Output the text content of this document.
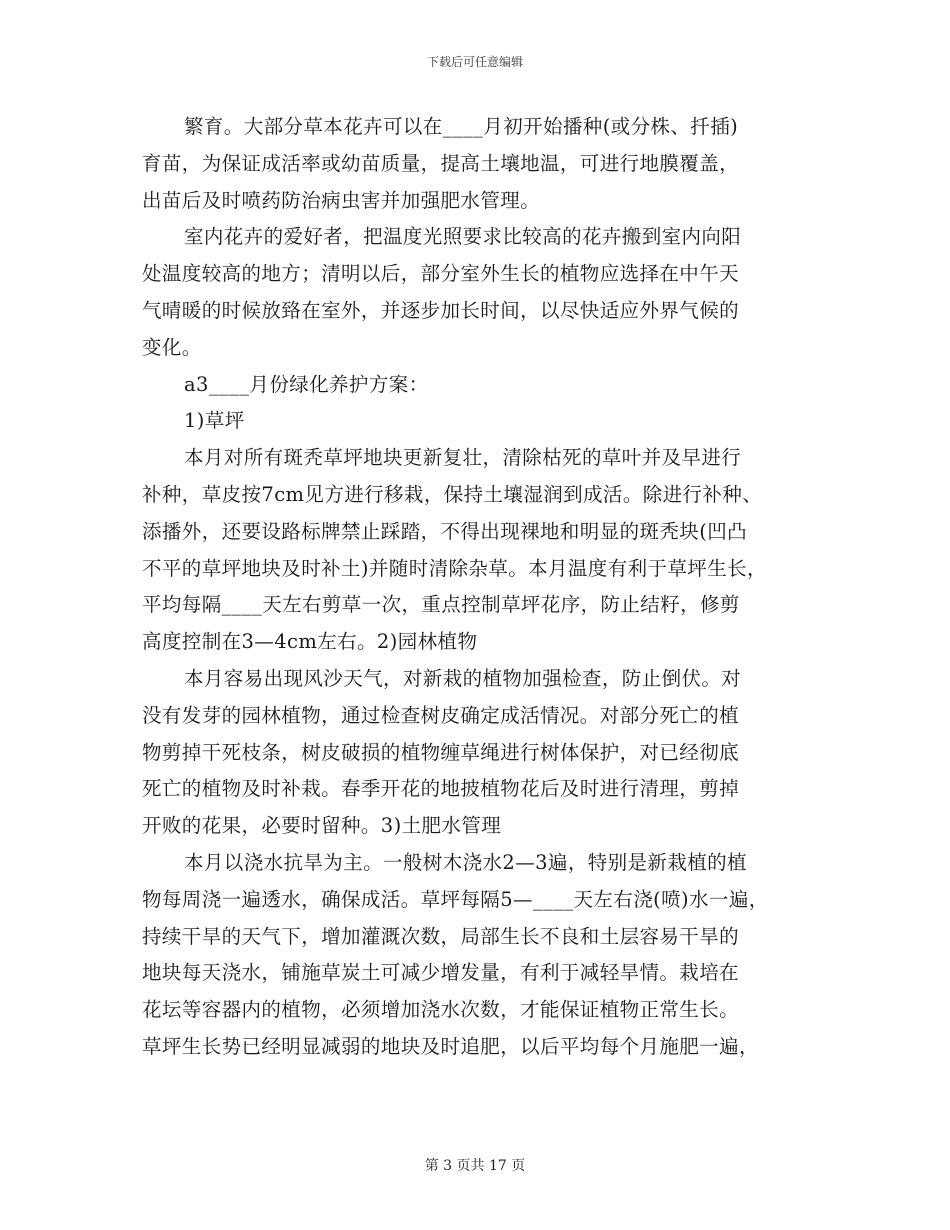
下载后可任意编辑
繁育。大部分草本花卉可以在____月初开始播种(或分株、扦插)
育苗，为保证成活率或幼苗质量，提高土壤地温，可进行地膜覆盖，
出苗后及时喷药防治病虫害并加强肥水管理。
室内花卉的爱好者，把温度光照要求比较高的花卉搬到室内向阳
处温度较高的地方；清明以后，部分室外生长的植物应选择在中午天
气晴暖的时候放臵在室外，并逐步加长时间，以尽快适应外界气候的
变化。
a3____月份绿化养护方案：
1)草坪
本月对所有斑秃草坪地块更新复壮，清除枯死的草叶并及早进行
补种，草皮按7cm见方进行移栽，保持土壤湿润到成活。除进行补种、
添播外，还要设路标牌禁止踩踏，不得出现裸地和明显的斑秃块(凹凸
不平的草坪地块及时补土)并随时清除杂草。本月温度有利于草坪生长，
平均每隔____天左右剪草一次，重点控制草坪花序，防止结籽，修剪
高度控制在3—4cm左右。2)园林植物
本月容易出现风沙天气，对新栽的植物加强检查，防止倒伏。对
没有发芽的园林植物，通过检查树皮确定成活情况。对部分死亡的植
物剪掉干死枝条，树皮破损的植物缠草绳进行树体保护，对已经彻底
死亡的植物及时补栽。春季开花的地披植物花后及时进行清理，剪掉
开败的花果，必要时留种。3)土肥水管理
本月以浇水抗旱为主。一般树木浇水2—3遍，特别是新栽植的植
物每周浇一遍透水，确保成活。草坪每隔5—____天左右浇(喷)水一遍，
持续干旱的天气下，增加灌溉次数，局部生长不良和土层容易干旱的
地块每天浇水，铺施草炭土可减少增发量，有利于减轻旱情。栽培在
花坛等容器内的植物，必须增加浇水次数，才能保证植物正常生长。
草坪生长势已经明显减弱的地块及时追肥，以后平均每个月施肥一遍，
第 3 页共 17 页
